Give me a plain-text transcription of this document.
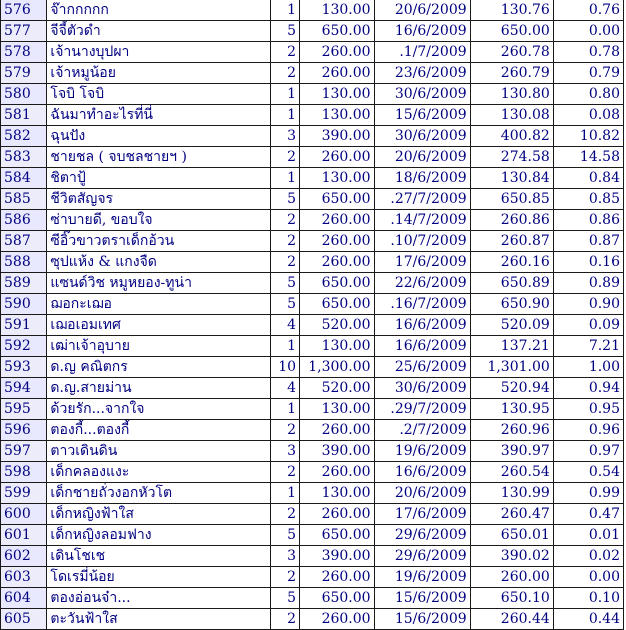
576	จ๊ากกกกก	1	130.00	20/6/2009	130.76	0.76
577	จีจี้ตัวดำ	5	650.00	16/6/2009	650.00	0.00
578	เจ้านางบุปผา	2	260.00	.1/7/2009	260.78	0.78
579	เจ้าหมูน้อย	2	260.00	23/6/2009	260.79	0.79
580	โจบิ โจบิ	1	130.00	30/6/2009	130.80	0.80
581	ฉันมาทำอะไรที่นี่	1	130.00	15/6/2009	130.08	0.08
582	ฉุนปัง	3	390.00	30/6/2009	400.82	10.82
583	ชายชล ( จบชลชายฯ )	2	260.00	20/6/2009	274.58	14.58
584	ชิตาปู้	1	130.00	18/6/2009	130.84	0.84
585	ชีวิตสัญจร	5	650.00	.27/7/2009	650.85	0.85
586	ซ่าบายดี, ขอบใจ	2	260.00	.14/7/2009	260.86	0.86
587	ซีอิ๊วขาวตราเด็กอ้วน	2	260.00	.10/7/2009	260.87	0.87
588	ซุปแห้ง & แกงจืด	2	260.00	17/6/2009	260.16	0.16
589	แซนด์วิช หมูหยอง-ทูน่า	5	650.00	22/6/2009	650.89	0.89
590	ฌอกะเฌอ	5	650.00	.16/7/2009	650.90	0.90
591	เฌอเอมเทศ	4	520.00	16/6/2009	520.09	0.09
592	เฒ่าเจ้าอุบาย	1	130.00	16/6/2009	137.21	7.21
593	ด.ญ คณิตกร	10	1,300.00	25/6/2009	1,301.00	1.00
594	ด.ญ.สายม่าน	4	520.00	30/6/2009	520.94	0.94
595	ด้วยรัก...จากใจ	1	130.00	.29/7/2009	130.95	0.95
596	ตองกี้...ตองกี้	2	260.00	.2/7/2009	260.96	0.96
597	ตาวเดินดิน	3	390.00	19/6/2009	390.97	0.97
598	เด็กคลองแงะ	2	260.00	16/6/2009	260.54	0.54
599	เด็กชายถั่วงอกหัวโต	1	130.00	20/6/2009	130.99	0.99
600	เด็กหญิงฟ้าใส	2	260.00	17/6/2009	260.47	0.47
601	เด็กหญิงลอมฟาง	5	650.00	29/6/2009	650.01	0.01
602	เดินโชเช	3	390.00	29/6/2009	390.02	0.02
603	โดเรมี่น้อย	2	260.00	19/6/2009	260.00	0.00
604	ตองอ่อนจ๋า...	5	650.00	15/6/2009	650.10	0.10
605	ตะวันฟ้าใส	2	260.00	15/6/2009	260.44	0.44
